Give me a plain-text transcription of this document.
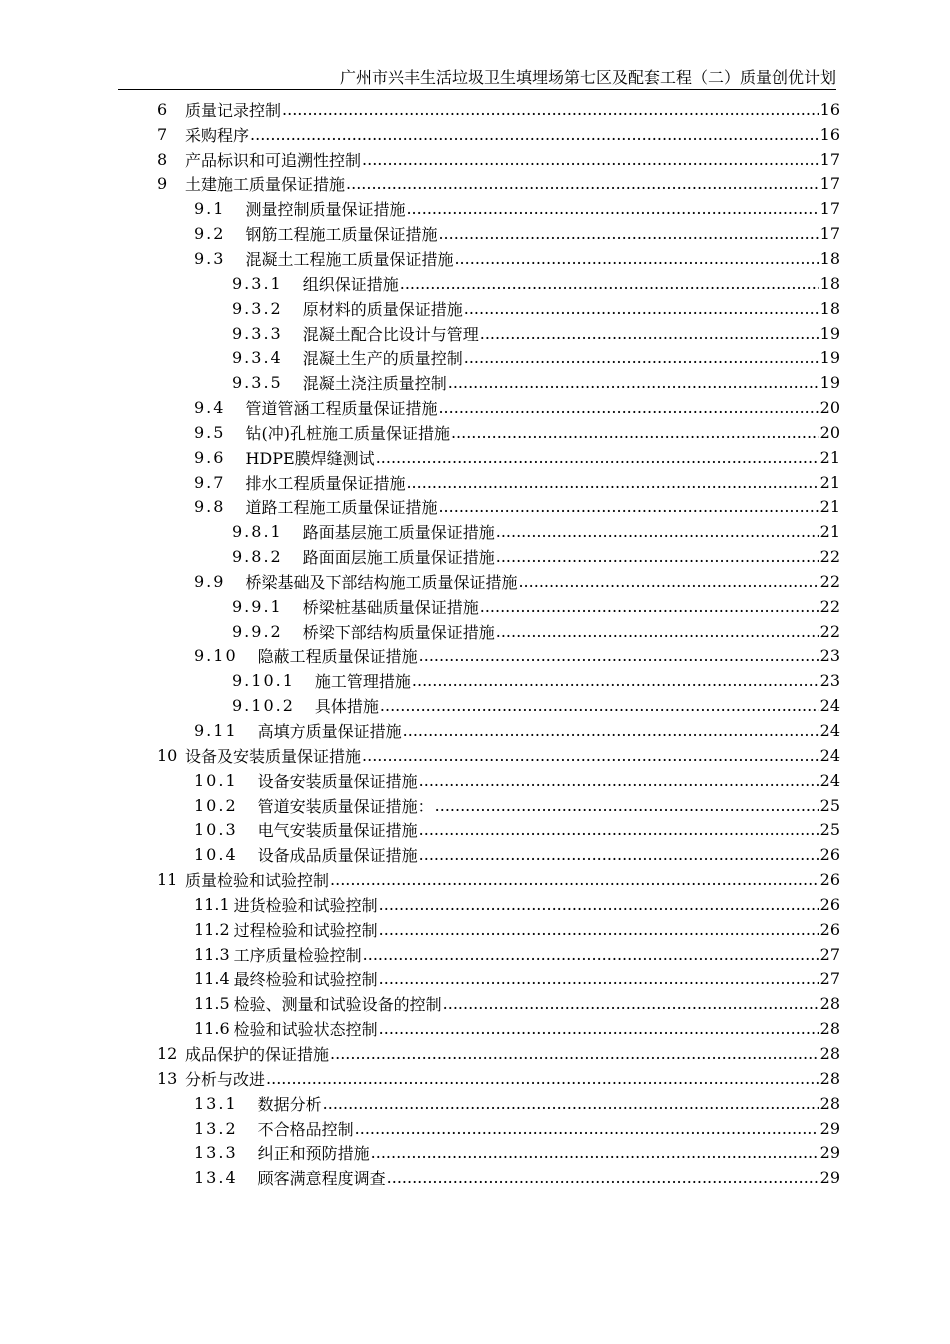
广州市兴丰生活垃圾卫生填埋场第七区及配套工程（二）质量创优计划
6	质量记录控制 .....	16
7	采购程序 .....	16
8	产品标识和可追溯性控制 .....	17
9	土建施工质量保证措施 .....	17
9.1 测量控制质量保证措施 .....	17
9.2 钢筋工程施工质量保证措施 .....	17
9.3 混凝土工程施工质量保证措施 .....	18
9.3.1 组织保证措施 .....	18
9.3.2 原材料的质量保证措施 .....	18
9.3.3 混凝土配合比设计与管理 .....	19
9.3.4 混凝土生产的质量控制 .....	19
9.3.5 混凝土浇注质量控制 .....	19
9.4 管道管涵工程质量保证措施 .....	20
9.5 钻(冲)孔桩施工质量保证措施 .....	20
9.6 HDPE膜焊缝测试 .....	21
9.7 排水工程质量保证措施 .....	21
9.8 道路工程施工质量保证措施 .....	21
9.8.1 路面基层施工质量保证措施 .....	21
9.8.2 路面面层施工质量保证措施 .....	22
9.9 桥梁基础及下部结构施工质量保证措施 .....	22
9.9.1 桥梁桩基础质量保证措施 .....	22
9.9.2 桥梁下部结构质量保证措施 .....	22
9.10 隐蔽工程质量保证措施 .....	23
9.10.1 施工管理措施 .....	23
9.10.2 具体措施 .....	24
9.11 高填方质量保证措施 .....	24
10 设备及安装质量保证措施 .....	24
10.1 设备安装质量保证措施 .....	24
10.2 管道安装质量保证措施： .....	25
10.3 电气安装质量保证措施 .....	25
10.4 设备成品质量保证措施 .....	26
11 质量检验和试验控制 .....	26
11.1 进货检验和试验控制 .....	26
11.2 过程检验和试验控制 .....	26
11.3 工序质量检验控制 .....	27
11.4 最终检验和试验控制 .....	27
11.5 检验、测量和试验设备的控制 .....	28
11.6 检验和试验状态控制 .....	28
12 成品保护的保证措施 .....	28
13 分析与改进 .....	28
13.1 数据分析 .....	28
13.2 不合格品控制 .....	29
13.3 纠正和预防措施 .....	29
13.4 顾客满意程度调查 .....	29
